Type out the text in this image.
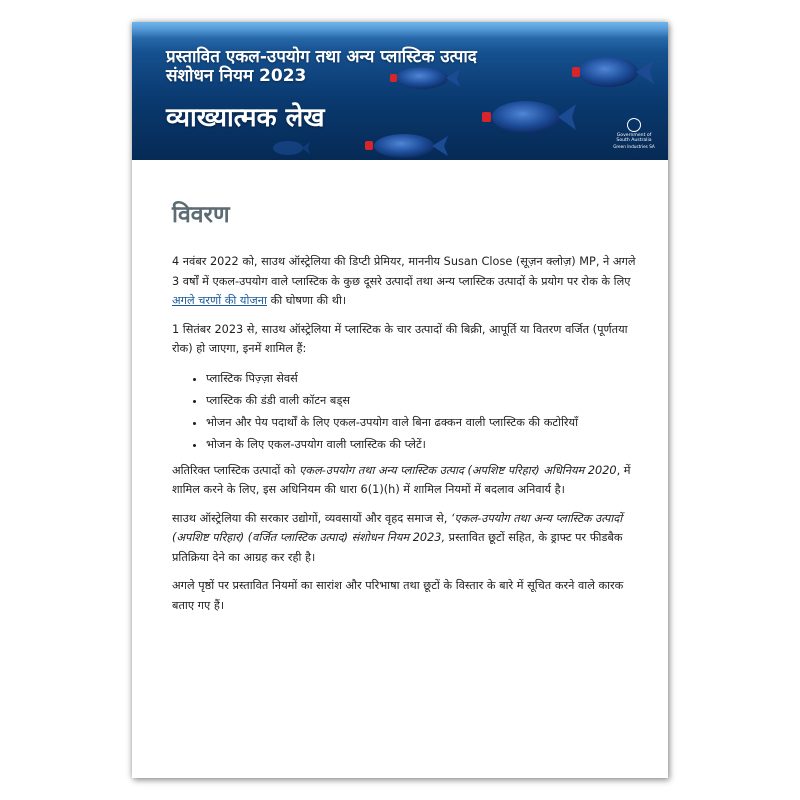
प्रस्तावित एकल-उपयोग तथा अन्य प्लास्टिक उत्पाद
संशोधन नियम 2023
व्याख्यात्मक लेख
Government of South Australia
Green Industries SA
विवरण

4 नवंबर 2022 को, साउथ ऑस्ट्रेलिया की डिप्टी प्रेमियर, माननीय Susan Close (सूज़न क्लोज़) MP, ने अगले 3 वर्षों में एकल-उपयोग वाले प्लास्टिक के कुछ दूसरे उत्पादों तथा अन्य प्लास्टिक उत्पादों के प्रयोग पर रोक के लिए अगले चरणों की योजना की घोषणा की थी।

1 सितंबर 2023 से, साउथ ऑस्ट्रेलिया में प्लास्टिक के चार उत्पादों की बिक्री, आपूर्ति या वितरण वर्जित (पूर्णतया रोक) हो जाएगा, इनमें शामिल हैं:

• प्लास्टिक पिज़्ज़ा सेवर्स
• प्लास्टिक की डंडी वाली कॉटन बड्स
• भोजन और पेय पदार्थों के लिए एकल-उपयोग वाले बिना ढक्कन वाली प्लास्टिक की कटोरियाँ
• भोजन के लिए एकल-उपयोग वाली प्लास्टिक की प्लेटें।

अतिरिक्त प्लास्टिक उत्पादों को एकल-उपयोग तथा अन्य प्लास्टिक उत्पाद (अपशिष्ट परिहार) अधिनियम 2020, में शामिल करने के लिए, इस अधिनियम की धारा 6(1)(h) में शामिल नियमों में बदलाव अनिवार्य है।

साउथ ऑस्ट्रेलिया की सरकार उद्योगों, व्यवसायों और वृहद समाज से, ‘एकल-उपयोग तथा अन्य प्लास्टिक उत्पादों (अपशिष्ट परिहार) (वर्जित प्लास्टिक उत्पाद) संशोधन नियम 2023, प्रस्तावित छूटों सहित, के ड्राफ्ट पर फीडबैक प्रतिक्रिया देने का आग्रह कर रही है।

अगले पृष्ठों पर प्रस्तावित नियमों का सारांश और परिभाषा तथा छूटों के विस्तार के बारे में सूचित करने वाले कारक बताए गए हैं।
